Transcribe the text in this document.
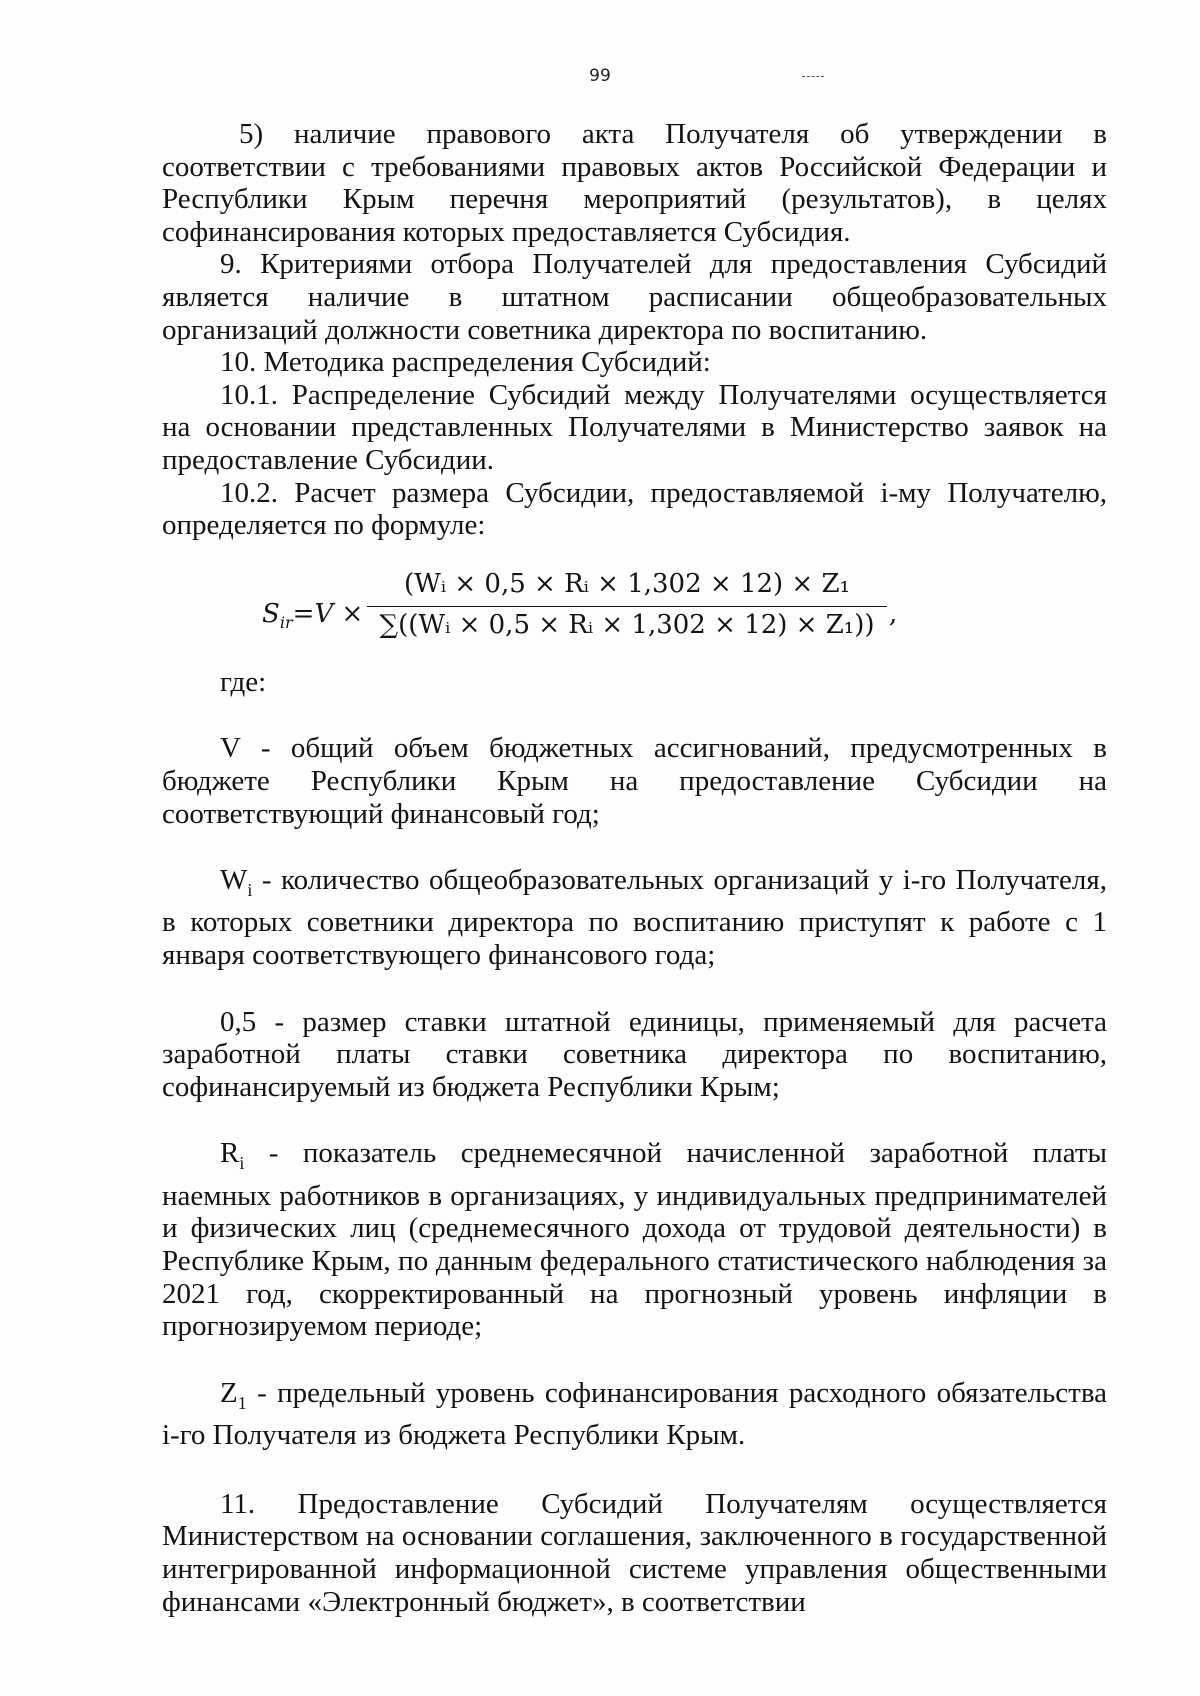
99

5) наличие правового акта Получателя об утверждении в соответствии с требованиями правовых актов Российской Федерации и Республики Крым перечня мероприятий (результатов), в целях софинансирования которых предоставляется Субсидия.

9. Критериями отбора Получателей для предоставления Субсидий является наличие в штатном расписании общеобразовательных организаций должности советника директора по воспитанию.

10. Методика распределения Субсидий:

10.1. Распределение Субсидий между Получателями осуществляется на основании представленных Получателями в Министерство заявок на предоставление Субсидии.

10.2. Расчет размера Субсидии, предоставляемой i-му Получателю, определяется по формуле:

$S_{ir}=V$ ×
(Wᵢ × 0,5 × Rᵢ × 1,302 × 12) × Z₁
∑((Wᵢ × 0,5 × Rᵢ × 1,302 × 12) × Z₁)) ,

где:

V - общий объем бюджетных ассигнований, предусмотренных в бюджете Республики Крым на предоставление Субсидии на соответствующий финансовый год;

$W_i$ - количество общеобразовательных организаций у i-го Получателя, в которых советники директора по воспитанию приступят к работе с 1 января соответствующего финансового года;

0,5 - размер ставки штатной единицы, применяемый для расчета заработной платы ставки советника директора по воспитанию, софинансируемый из бюджета Республики Крым;

$R_i$ - показатель среднемесячной начисленной заработной платы наемных работников в организациях, у индивидуальных предпринимателей и физических лиц (среднемесячного дохода от трудовой деятельности) в Республике Крым, по данным федерального статистического наблюдения за 2021 год, скорректированный на прогнозный уровень инфляции в прогнозируемом периоде;

$Z_1$ - предельный уровень софинансирования расходного обязательства i-го Получателя из бюджета Республики Крым.

11. Предоставление Субсидий Получателям осуществляется Министерством на основании соглашения, заключенного в государственной интегрированной информационной системе управления общественными финансами «Электронный бюджет», в соответствии
